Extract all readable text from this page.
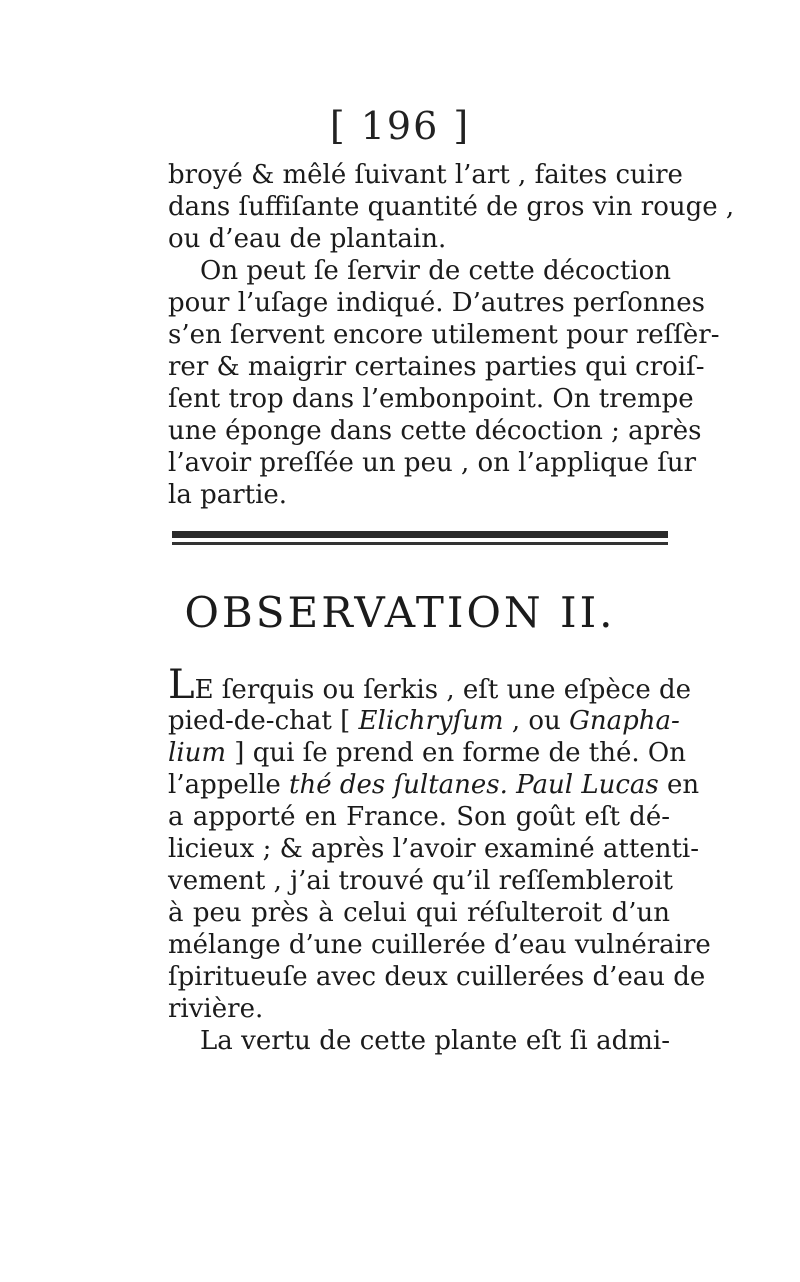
[ 196 ]
broyé & mêlé ſuivant l’art , faites cuire
dans ſuffiſante quantité de gros vin rouge ,
ou d’eau de plantain.
On peut ſe ſervir de cette décoction
pour l’uſage indiqué. D’autres perſonnes
s’en ſervent encore utilement pour reſſèr-
rer & maigrir certaines parties qui croiſ-
ſent trop dans l’embonpoint. On trempe
une éponge dans cette décoction ; après
l’avoir preſſée un peu , on l’applique ſur
la partie.
OBSERVATION II.
LE ſerquis ou ſerkis , eſt une eſpèce de
pied-de-chat [ Elichryſum , ou Gnapha-
lium ] qui ſe prend en forme de thé. On
l’appelle thé des ſultanes. Paul Lucas en
a apporté en France. Son goût eſt dé-
licieux ; & après l’avoir examiné attenti-
vement , j’ai trouvé qu’il reſſembleroit
à peu près à celui qui réſulteroit d’un
mélange d’une cuillerée d’eau vulnéraire
ſpiritueuſe avec deux cuillerées d’eau de
rivière.
La vertu de cette plante eſt ſi admi-
